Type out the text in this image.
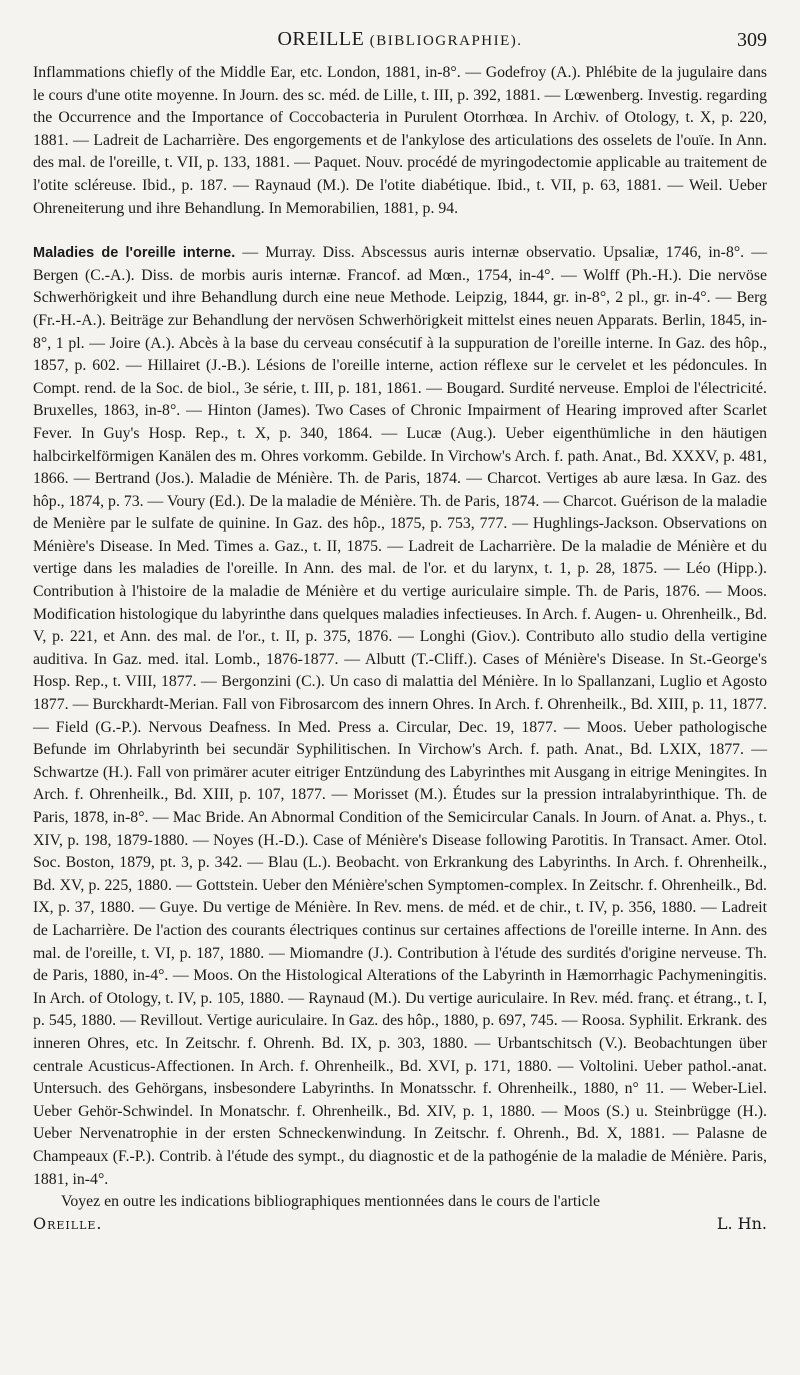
OREILLE (BIBLIOGRAPHIE).	309

Inflammations chiefly of the Middle Ear, etc. London, 1881, in-8°. — Godefroy (A.). Phlébite de la jugulaire dans le cours d'une otite moyenne. In Journ. des sc. méd. de Lille, t. III, p. 392, 1881. — Lœwenberg. Investig. regarding the Occurrence and the Importance of Coccobacteria in Purulent Otorrhœa. In Archiv. of Otology, t. X, p. 220, 1881. — Ladreit de Lacharrière. Des engorgements et de l'ankylose des articulations des osselets de l'ouïe. In Ann. des mal. de l'oreille, t. VII, p. 133, 1881. — Paquet. Nouv. procédé de myringodectomie applicable au traitement de l'otite scléreuse. Ibid., p. 187. — Raynaud (M.). De l'otite diabétique. Ibid., t. VII, p. 63, 1881. — Weil. Ueber Ohreneiterung und ihre Behandlung. In Memorabilien, 1881, p. 94.

Maladies de l'oreille interne. — Murray. Diss. Abscessus auris internæ observatio. Upsaliæ, 1746, in-8°. — Bergen (C.-A.). Diss. de morbis auris internæ. Francof. ad Mœn., 1754, in-4°. — Wolff (Ph.-H.). Die nervöse Schwerhörigkeit und ihre Behandlung durch eine neue Methode. Leipzig, 1844, gr. in-8°, 2 pl., gr. in-4°. — Berg (Fr.-H.-A.). Beiträge zur Behandlung der nervösen Schwerhörigkeit mittelst eines neuen Apparats. Berlin, 1845, in-8°, 1 pl. — Joire (A.). Abcès à la base du cerveau consécutif à la suppuration de l'oreille interne. In Gaz. des hôp., 1857, p. 602. — Hillairet (J.-B.). Lésions de l'oreille interne, action réflexe sur le cervelet et les pédoncules. In Compt. rend. de la Soc. de biol., 3e série, t. III, p. 181, 1861. — Bougard. Surdité nerveuse. Emploi de l'électricité. Bruxelles, 1863, in-8°. — Hinton (James). Two Cases of Chronic Impairment of Hearing improved after Scarlet Fever. In Guy's Hosp. Rep., t. X, p. 340, 1864. — Lucæ (Aug.). Ueber eigenthümliche in den häutigen halbcirkelförmigen Kanälen des m. Ohres vorkomm. Gebilde. In Virchow's Arch. f. path. Anat., Bd. XXXV, p. 481, 1866. — Bertrand (Jos.). Maladie de Ménière. Th. de Paris, 1874. — Charcot. Vertiges ab aure læsa. In Gaz. des hôp., 1874, p. 73. — Voury (Ed.). De la maladie de Ménière. Th. de Paris, 1874. — Charcot. Guérison de la maladie de Menière par le sulfate de quinine. In Gaz. des hôp., 1875, p. 753, 777. — Hughlings-Jackson. Observations on Ménière's Disease. In Med. Times a. Gaz., t. II, 1875. — Ladreit de Lacharrière. De la maladie de Ménière et du vertige dans les maladies de l'oreille. In Ann. des mal. de l'or. et du larynx, t. 1, p. 28, 1875. — Léo (Hipp.). Contribution à l'histoire de la maladie de Ménière et du vertige auriculaire simple. Th. de Paris, 1876. — Moos. Modification histologique du labyrinthe dans quelques maladies infectieuses. In Arch. f. Augen- u. Ohrenheilk., Bd. V, p. 221, et Ann. des mal. de l'or., t. II, p. 375, 1876. — Longhi (Giov.). Contributo allo studio della vertigine auditiva. In Gaz. med. ital. Lomb., 1876-1877. — Albutt (T.-Cliff.). Cases of Ménière's Disease. In St.-George's Hosp. Rep., t. VIII, 1877. — Bergonzini (C.). Un caso di malattia del Ménière. In lo Spallanzani, Luglio et Agosto 1877. — Burckhardt-Merian. Fall von Fibrosarcom des innern Ohres. In Arch. f. Ohrenheilk., Bd. XIII, p. 11, 1877. — Field (G.-P.). Nervous Deafness. In Med. Press a. Circular, Dec. 19, 1877. — Moos. Ueber pathologische Befunde im Ohrlabyrinth bei secundär Syphilitischen. In Virchow's Arch. f. path. Anat., Bd. LXIX, 1877. — Schwartze (H.). Fall von primärer acuter eitriger Entzündung des Labyrinthes mit Ausgang in eitrige Meningites. In Arch. f. Ohrenheilk., Bd. XIII, p. 107, 1877. — Morisset (M.). Études sur la pression intralabyrinthique. Th. de Paris, 1878, in-8°. — Mac Bride. An Abnormal Condition of the Semicircular Canals. In Journ. of Anat. a. Phys., t. XIV, p. 198, 1879-1880. — Noyes (H.-D.). Case of Ménière's Disease following Parotitis. In Transact. Amer. Otol. Soc. Boston, 1879, pt. 3, p. 342. — Blau (L.). Beobacht. von Erkrankung des Labyrinths. In Arch. f. Ohrenheilk., Bd. XV, p. 225, 1880. — Gottstein. Ueber den Ménière'schen Symptomen-complex. In Zeitschr. f. Ohrenheilk., Bd. IX, p. 37, 1880. — Guye. Du vertige de Ménière. In Rev. mens. de méd. et de chir., t. IV, p. 356, 1880. — Ladreit de Lacharrière. De l'action des courants électriques continus sur certaines affections de l'oreille interne. In Ann. des mal. de l'oreille, t. VI, p. 187, 1880. — Miomandre (J.). Contribution à l'étude des surdités d'origine nerveuse. Th. de Paris, 1880, in-4°. — Moos. On the Histological Alterations of the Labyrinth in Hæmorrhagic Pachymeningitis. In Arch. of Otology, t. IV, p. 105, 1880. — Raynaud (M.). Du vertige auriculaire. In Rev. méd. franç. et étrang., t. I, p. 545, 1880. — Revillout. Vertige auriculaire. In Gaz. des hôp., 1880, p. 697, 745. — Roosa. Syphilit. Erkrank. des inneren Ohres, etc. In Zeitschr. f. Ohrenh. Bd. IX, p. 303, 1880. — Urbantschitsch (V.). Beobachtungen über centrale Acusticus-Affectionen. In Arch. f. Ohrenheilk., Bd. XVI, p. 171, 1880. — Voltolini. Ueber pathol.-anat. Untersuch. des Gehörgans, insbesondere Labyrinths. In Monatsschr. f. Ohrenheilk., 1880, n° 11. — Weber-Liel. Ueber Gehör-Schwindel. In Monatschr. f. Ohrenheilk., Bd. XIV, p. 1, 1880. — Moos (S.) u. Steinbrügge (H.). Ueber Nervenatrophie in der ersten Schneckenwindung. In Zeitschr. f. Ohrenh., Bd. X, 1881. — Palasne de Champeaux (F.-P.). Contrib. à l'étude des sympt., du diagnostic et de la pathogénie de la maladie de Ménière. Paris, 1881, in-4°.

Voyez en outre les indications bibliographiques mentionnées dans le cours de l'article

Oreille.	L. Hn.
